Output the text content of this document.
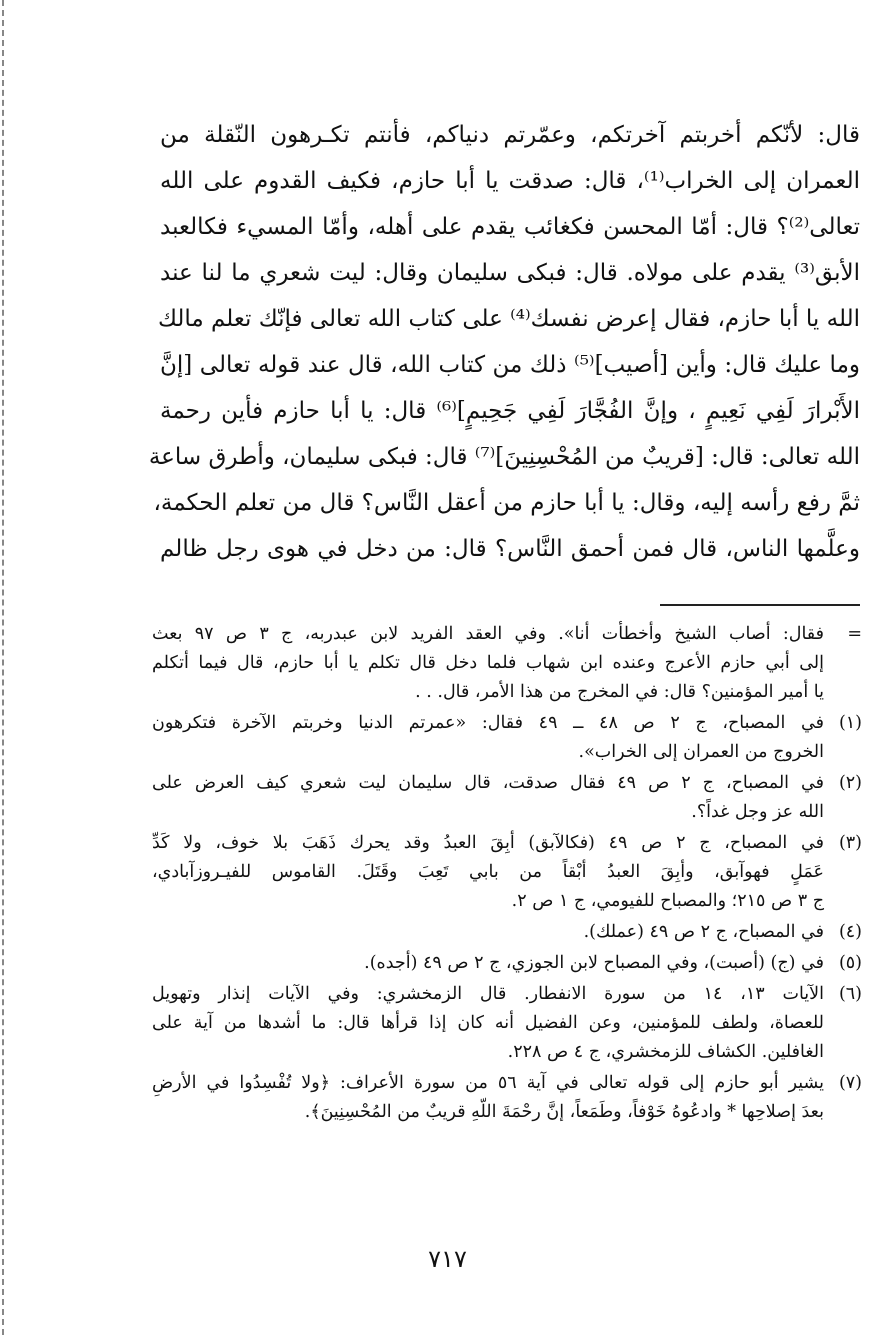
قال: لأنّكم أخربتم آخرتكم، وعمّرتم دنياكم، فأنتم تكـرهون النّقلة من
العمران إلى الخراب⁽¹⁾، قال: صدقت يا أبا حازم، فكيف القدوم على الله
تعالى⁽²⁾؟ قال: أمّا المحسن فكغائب يقدم على أهله، وأمّا المسيء فكالعبد
الأبق⁽³⁾ يقدم على مولاه. قال: فبكى سليمان وقال: ليت شعري ما لنا عند
الله يا أبا حازم، فقال إعرض نفسك⁽⁴⁾ على كتاب الله تعالى فإنّك تعلم مالك
وما عليك قال: وأين [أصيب]⁽⁵⁾ ذلك من كتاب الله، قال عند قوله تعالى [إنَّ
الأَبْرارَ لَفِي نَعِيمٍ ، وإنَّ الفُجَّارَ لَفِي جَحِيمٍ]⁽⁶⁾ قال: يا أبا حازم فأين رحمة
الله تعالى: قال: [قريبٌ من المُحْسِنِينَ]⁽⁷⁾ قال: فبكى سليمان، وأطرق ساعة
ثمَّ رفع رأسه إليه، وقال: يا أبا حازم من أعقل النَّاس؟ قال من تعلم الحكمة،
وعلَّمها الناس، قال فمن أحمق النَّاس؟ قال: من دخل في هوى رجل ظالم
=
فقال: أصاب الشيخ وأخطأت أنا». وفي العقد الفريد لابن عبدربه، ج ٣ ص ٩٧ بعث
إلى أبي حازم الأعرج وعنده ابن شهاب فلما دخل قال تكلم يا أبا حازم، قال فيما أتكلم
يا أمير المؤمنين؟ قال: في المخرج من هذا الأمر، قال. . .
(١)
في المصباح، ج ٢ ص ٤٨ ــ ٤٩ فقال: «عمرتم الدنيا وخربتم الآخرة فتكرهون
الخروج من العمران إلى الخراب».
(٢)
في المصباح، ج ٢ ص ٤٩ فقال صدقت، قال سليمان ليت شعري كيف العرض على
الله عز وجل غداً؟.
(٣)
في المصباح، ج ٢ ص ٤٩ (فكالآبق) أبِقَ العبدُ وقد يحرك ذَهَبَ بلا خوف، ولا كَدِّ
عَمَلٍ فهوآبق، وأبِقَ العبدُ أبْقاً من بابي تَعِبَ وقَتَلَ. القاموس للفيـروزآبادي،
ج ٣ ص ٢١٥؛ والمصباح للفيومي، ج ١ ص ٢.
(٤)
في المصباح، ج ٢ ص ٤٩ (عملك).
(٥)
في (ج) (أصبت)، وفي المصباح لابن الجوزي، ج ٢ ص ٤٩ (أجده).
(٦)
الآيات ١٣، ١٤ من سورة الانفطار. قال الزمخشري: وفي الآيات إنذار وتهويل
للعصاة، ولطف للمؤمنين، وعن الفضيل أنه كان إذا قرأها قال: ما أشدها من آية على
الغافلين. الكشاف للزمخشري، ج ٤ ص ٢٢٨.
(٧)
يشير أبو حازم إلى قوله تعالى في آية ٥٦ من سورة الأعراف: ﴿ولا تُفْسِدُوا في الأرضِ
بعدَ إصلاحِها * وادعُوهُ خَوْفاً، وطَمَعاً، إنَّ رحْمَةَ اللّهِ قريبٌ من المُحْسِنِينَ﴾.
٧١٧
